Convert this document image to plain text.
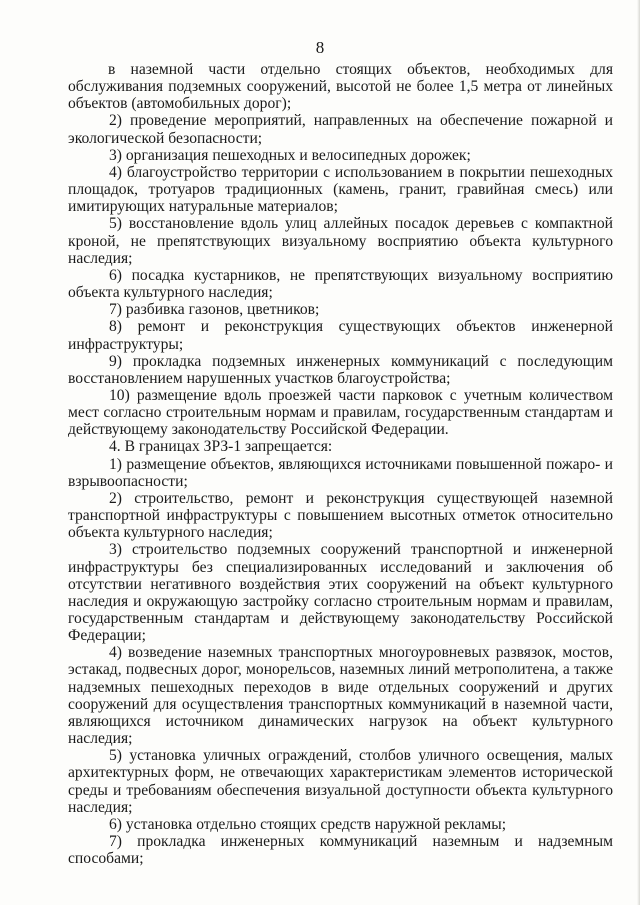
8

в наземной части отдельно стоящих объектов, необходимых для обслуживания подземных сооружений, высотой не более 1,5 метра от линейных объектов (автомобильных дорог);

2) проведение мероприятий, направленных на обеспечение пожарной и экологической безопасности;

3) организация пешеходных и велосипедных дорожек;

4) благоустройство территории с использованием в покрытии пешеходных площадок, тротуаров традиционных (камень, гранит, гравийная смесь) или имитирующих натуральные материалов;

5) восстановление вдоль улиц аллейных посадок деревьев с компактной кроной, не препятствующих визуальному восприятию объекта культурного наследия;

6) посадка кустарников, не препятствующих визуальному восприятию объекта культурного наследия;

7) разбивка газонов, цветников;

8) ремонт и реконструкция существующих объектов инженерной инфраструктуры;

9) прокладка подземных инженерных коммуникаций с последующим восстановлением нарушенных участков благоустройства;

10) размещение вдоль проезжей части парковок с учетным количеством мест согласно строительным нормам и правилам, государственным стандартам и действующему законодательству Российской Федерации.

4. В границах ЗРЗ-1 запрещается:

1) размещение объектов, являющихся источниками повышенной пожаро- и взрывоопасности;

2) строительство, ремонт и реконструкция существующей наземной транспортной инфраструктуры с повышением высотных отметок относительно объекта культурного наследия;

3) строительство подземных сооружений транспортной и инженерной инфраструктуры без специализированных исследований и заключения об отсутствии негативного воздействия этих сооружений на объект культурного наследия и окружающую застройку согласно строительным нормам и правилам, государственным стандартам и действующему законодательству Российской Федерации;

4) возведение наземных транспортных многоуровневых развязок, мостов, эстакад, подвесных дорог, монорельсов, наземных линий метрополитена, а также надземных пешеходных переходов в виде отдельных сооружений и других сооружений для осуществления транспортных коммуникаций в наземной части, являющихся источником динамических нагрузок на объект культурного наследия;

5) установка уличных ограждений, столбов уличного освещения, малых архитектурных форм, не отвечающих характеристикам элементов исторической среды и требованиям обеспечения визуальной доступности объекта культурного наследия;

6) установка отдельно стоящих средств наружной рекламы;

7) прокладка инженерных коммуникаций наземным и надземным способами;
